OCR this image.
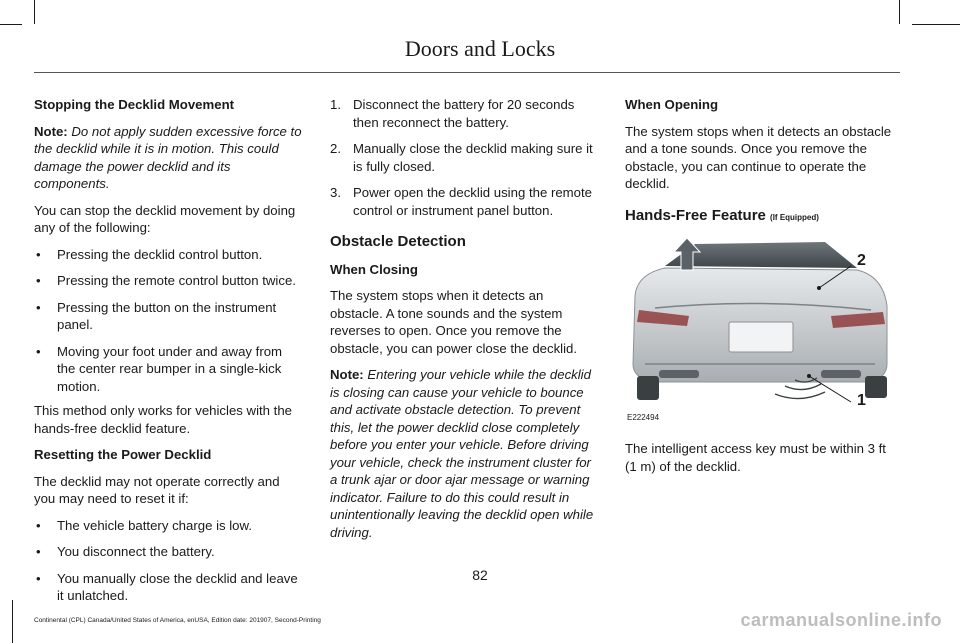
Doors and Locks

Stopping the Decklid Movement

Note: Do not apply sudden excessive force to the decklid while it is in motion. This could damage the power decklid and its components.

You can stop the decklid movement by doing any of the following:

• Pressing the decklid control button.
• Pressing the remote control button twice.
• Pressing the button on the instrument panel.
• Moving your foot under and away from the center rear bumper in a single-kick motion.

This method only works for vehicles with the hands-free decklid feature.

Resetting the Power Decklid

The decklid may not operate correctly and you may need to reset it if:

• The vehicle battery charge is low.
• You disconnect the battery.
• You manually close the decklid and leave it unlatched.
1. Disconnect the battery for 20 seconds then reconnect the battery.
2. Manually close the decklid making sure it is fully closed.
3. Power open the decklid using the remote control or instrument panel button.

Obstacle Detection

When Closing

The system stops when it detects an obstacle. A tone sounds and the system reverses to open. Once you remove the obstacle, you can power close the decklid.

Note: Entering your vehicle while the decklid is closing can cause your vehicle to bounce and activate obstacle detection. To prevent this, let the power decklid close completely before you enter your vehicle. Before driving your vehicle, check the instrument cluster for a trunk ajar or door ajar message or warning indicator. Failure to do this could result in unintentionally leaving the decklid open while driving.

When Opening

The system stops when it detects an obstacle and a tone sounds. Once you remove the obstacle, you can continue to operate the decklid.

Hands-Free Feature (If Equipped)

2
1
E222494

The intelligent access key must be within 3 ft (1 m) of the decklid.

82
Continental (CPL) Canada/United States of America, enUSA, Edition date: 201907, Second-Printing	carmanualsonline.info
